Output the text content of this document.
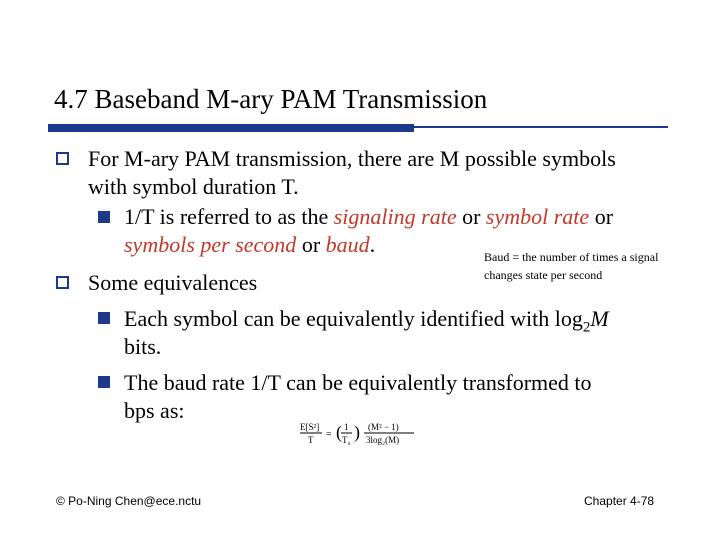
4.7 Baseband M-ary PAM Transmission
For M-ary PAM transmission, there are M possible symbols
with symbol duration T.
1/T is referred to as the signaling rate or symbol rate or
symbols per second or baud.	Baud = the number of times a signal changes state per second
Some equivalences
Each symbol can be equivalently identified with $\log_2M$
bits.
The baud rate 1/T can be equivalently transformed to
bps as:
E[S²]
T = ( 1
T s
) (M² − 1)
3log₂(M)
© Po-Ning Chen@ece.nctu	Chapter 4-78
